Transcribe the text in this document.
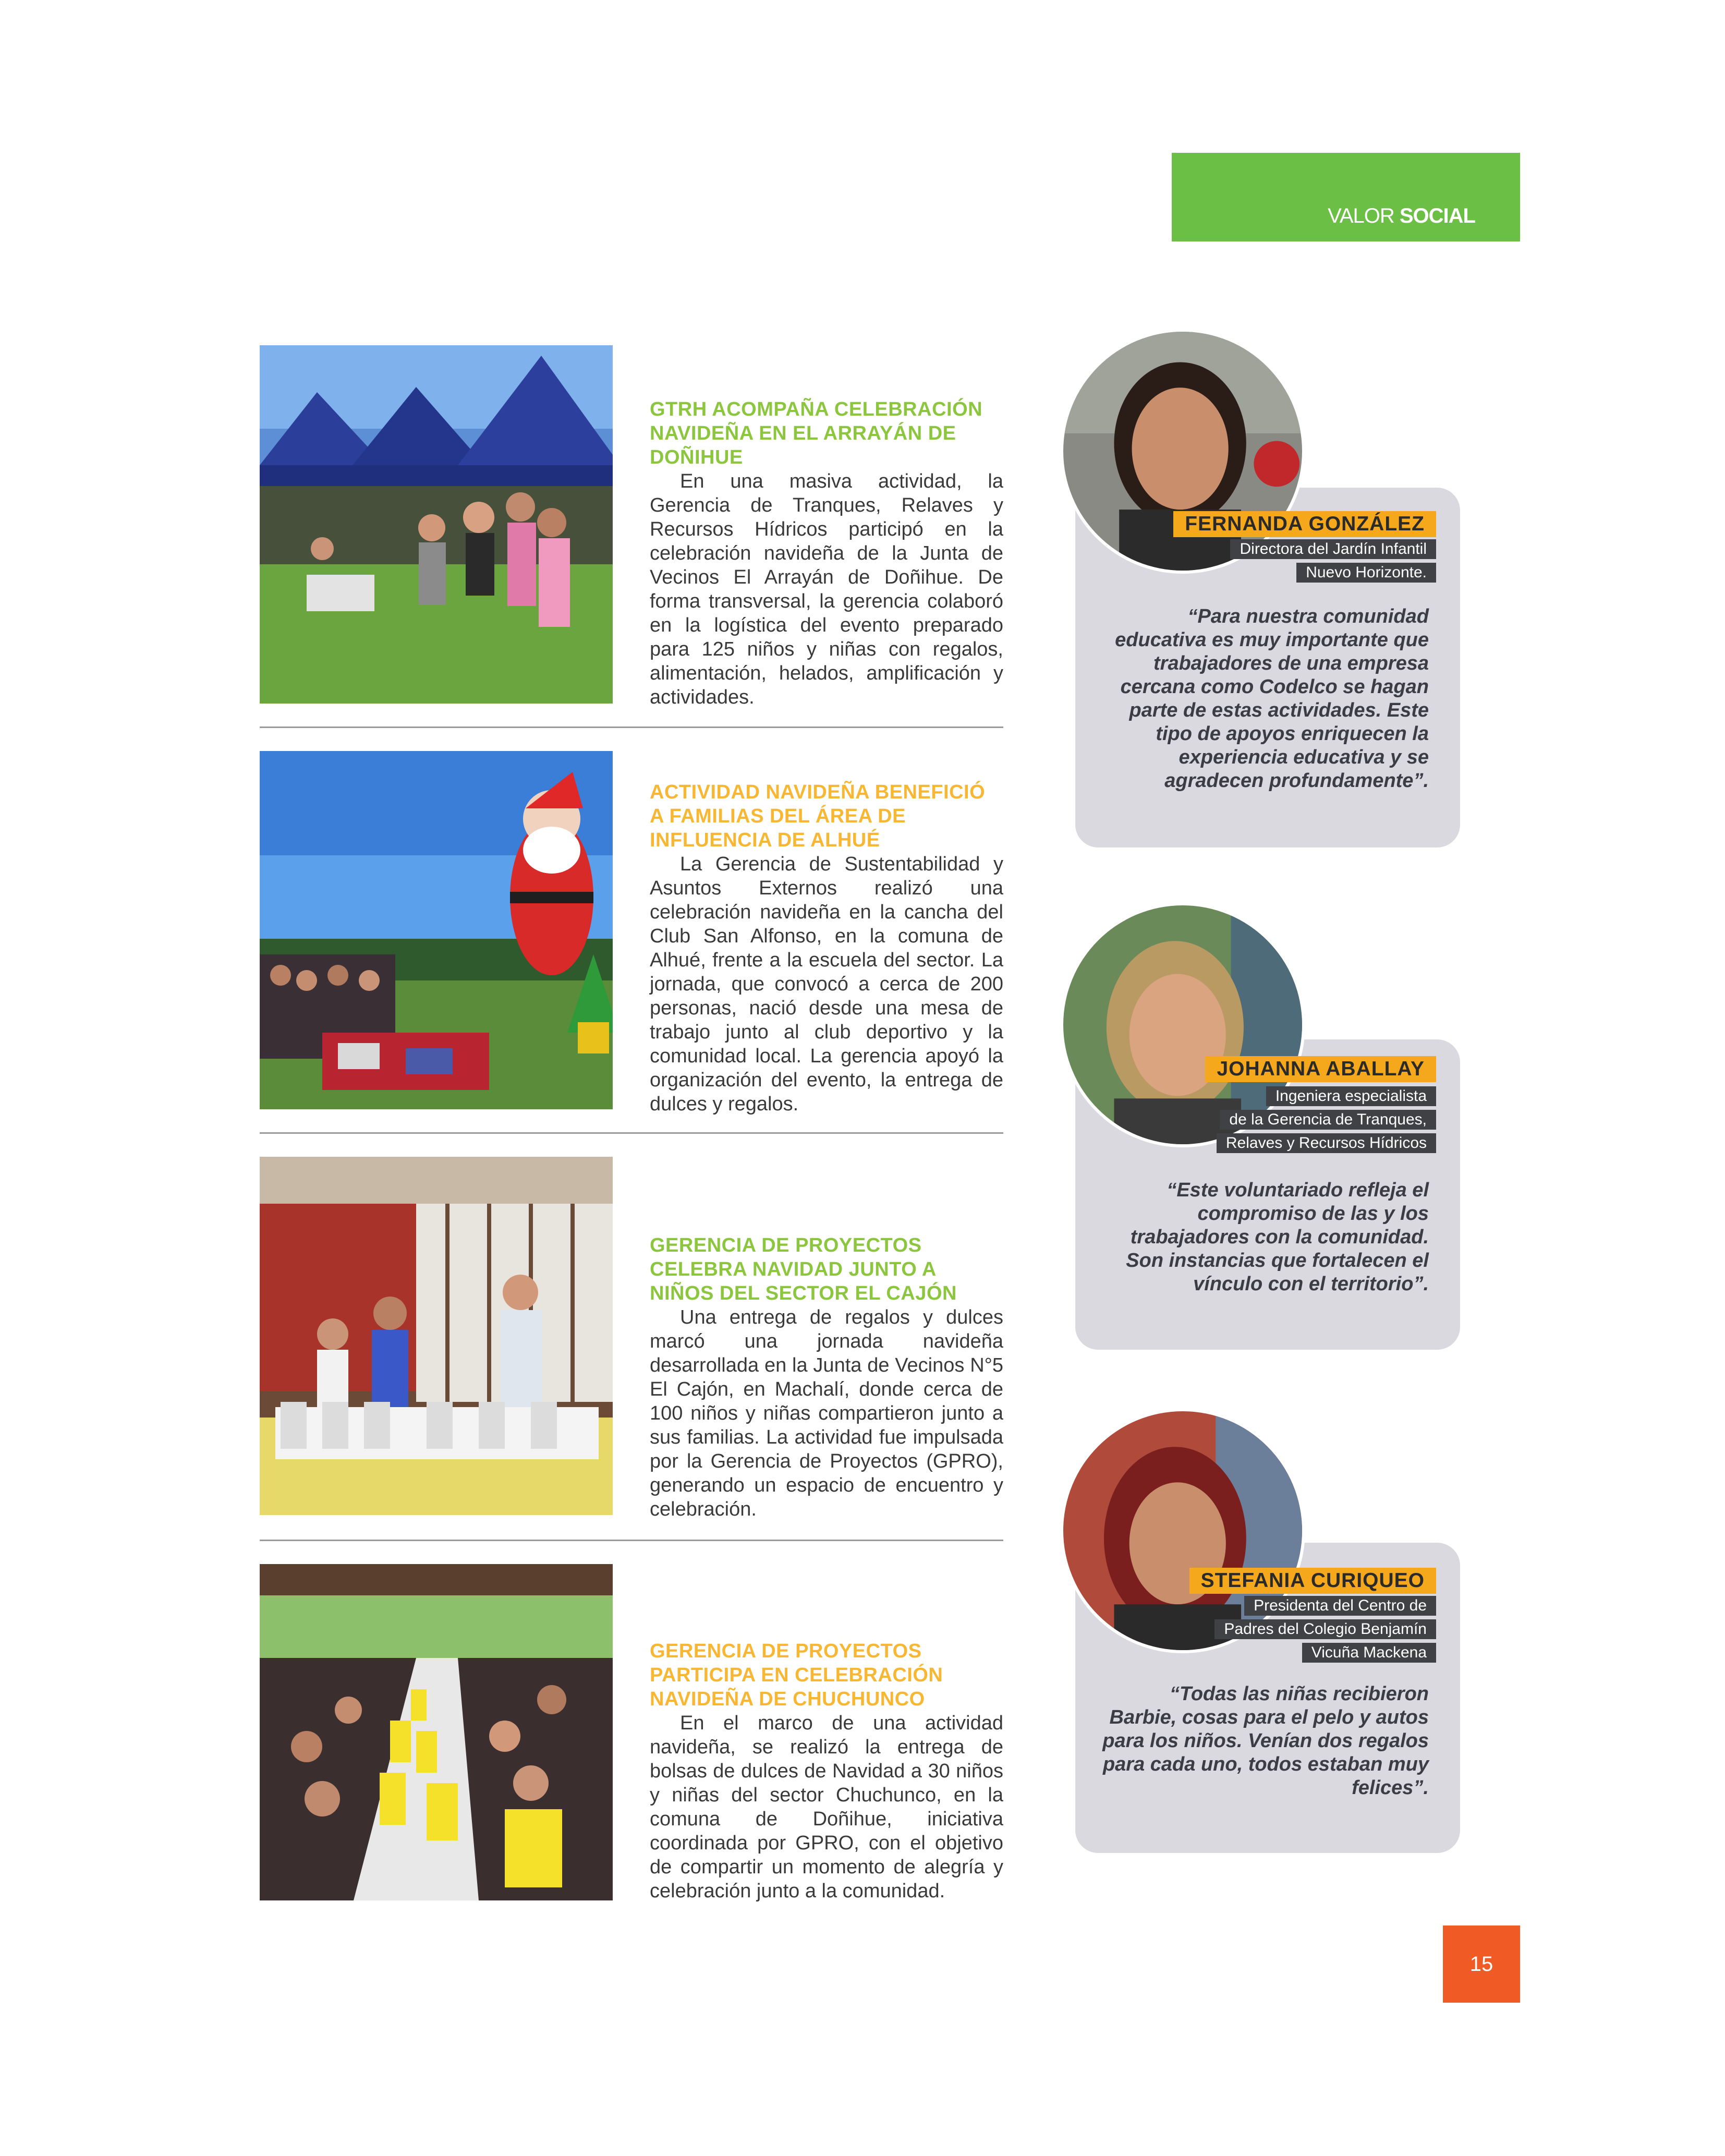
VALOR SOCIAL
GTRH ACOMPAÑA CELEBRACIÓN NAVIDEÑA EN EL ARRAYÁN DE DOÑIHUE

En una masiva actividad, la Gerencia de Tranques, Relaves y Recursos Hídricos participó en la celebración navideña de la Junta de Vecinos El Arrayán de Doñihue. De forma transversal, la gerencia colaboró en la logística del evento preparado para 125 niños y niñas con regalos, alimentación, helados, amplificación y actividades.

ACTIVIDAD NAVIDEÑA BENEFICIÓ A FAMILIAS DEL ÁREA DE INFLUENCIA DE ALHUÉ

La Gerencia de Sustentabilidad y Asuntos Externos realizó una celebración navideña en la cancha del Club San Alfonso, en la comuna de Alhué, frente a la escuela del sector. La jornada, que convocó a cerca de 200 personas, nació desde una mesa de trabajo junto al club deportivo y la comunidad local. La gerencia apoyó la organización del evento, la entrega de dulces y regalos.

GERENCIA DE PROYECTOS CELEBRA NAVIDAD JUNTO A NIÑOS DEL SECTOR EL CAJÓN

Una entrega de regalos y dulces marcó una jornada navideña desarrollada en la Junta de Vecinos N°5 El Cajón, en Machalí, donde cerca de 100 niños y niñas compartieron junto a sus familias. La actividad fue impulsada por la Gerencia de Proyectos (GPRO), generando un espacio de encuentro y celebración.

GERENCIA DE PROYECTOS PARTICIPA EN CELEBRACIÓN NAVIDEÑA DE CHUCHUNCO

En el marco de una actividad navideña, se realizó la entrega de bolsas de dulces de Navidad a 30 niños y niñas del sector Chuchunco, en la comuna de Doñihue, iniciativa coordinada por GPRO, con el objetivo de compartir un momento de alegría y celebración junto a la comunidad.

FERNANDA GONZÁLEZ
Directora del Jardín Infantil
Nuevo Horizonte.
“Para nuestra comunidad educativa es muy importante que trabajadores de una empresa cercana como Codelco se hagan parte de estas actividades. Este tipo de apoyos enriquecen la experiencia educativa y se agradecen profundamente”.
JOHANNA ABALLAY
Ingeniera especialista
de la Gerencia de Tranques,
Relaves y Recursos Hídricos
“Este voluntariado refleja el compromiso de las y los trabajadores con la comunidad. Son instancias que fortalecen el vínculo con el territorio”.
STEFANIA CURIQUEO
Presidenta del Centro de
Padres del Colegio Benjamín
Vicuña Mackena
“Todas las niñas recibieron Barbie, cosas para el pelo y autos para los niños. Venían dos regalos para cada uno, todos estaban muy felices”.
15
